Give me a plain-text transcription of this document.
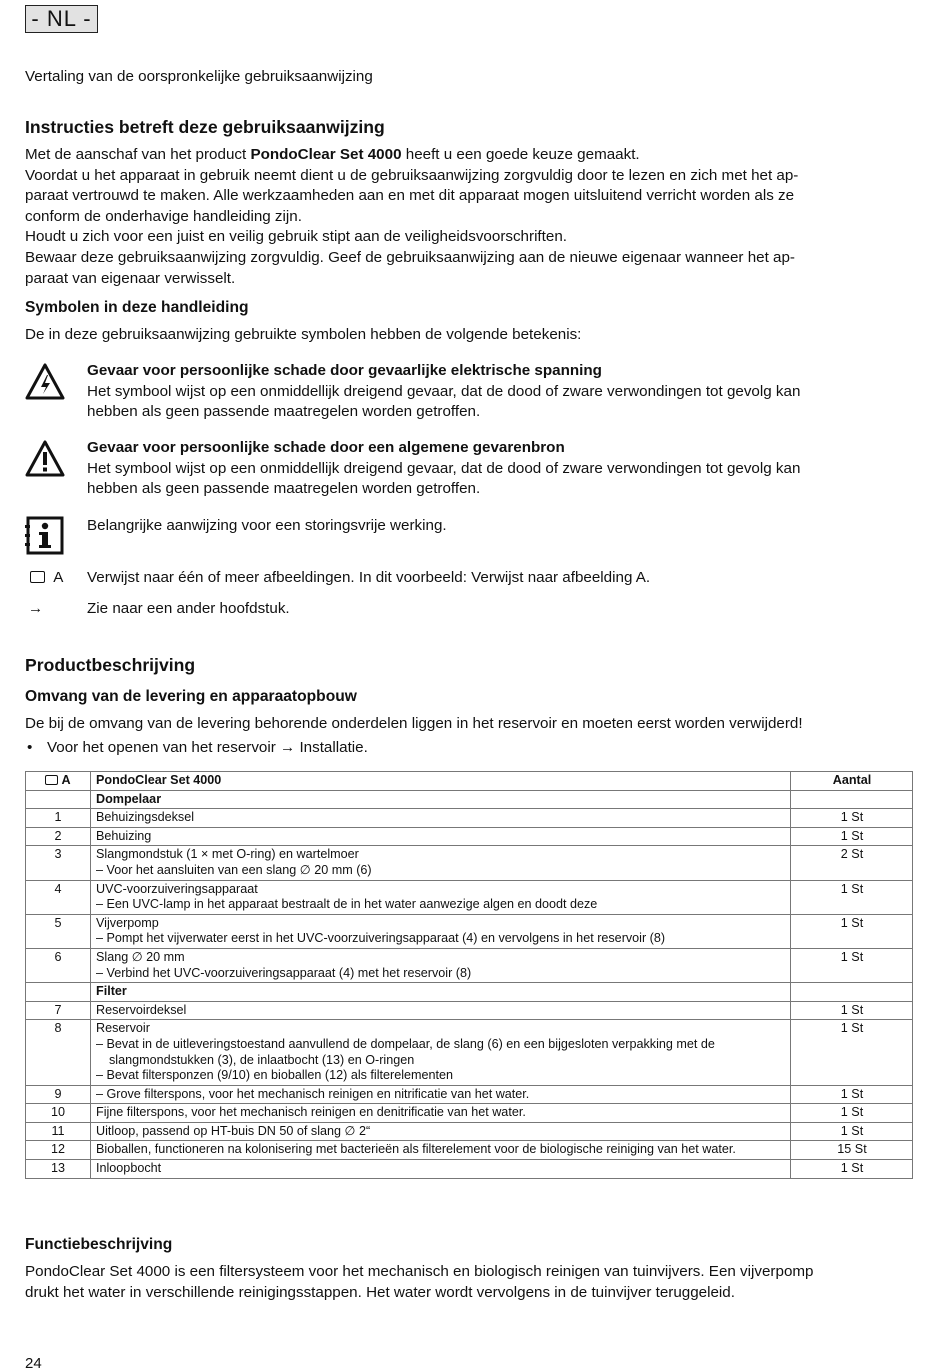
- NL -
Vertaling van de oorspronkelijke gebruiksaanwijzing
Instructies betreft deze gebruiksaanwijzing

Met de aanschaf van het product PondoClear Set 4000 heeft u een goede keuze gemaakt.

Voordat u het apparaat in gebruik neemt dient u de gebruiksaanwijzing zorgvuldig door te lezen en zich met het ap-

paraat vertrouwd te maken. Alle werkzaamheden aan en met dit apparaat mogen uitsluitend verricht worden als ze

conform de onderhavige handleiding zijn.

Houdt u zich voor een juist en veilig gebruik stipt aan de veiligheidsvoorschriften.

Bewaar deze gebruiksaanwijzing zorgvuldig. Geef de gebruiksaanwijzing aan de nieuwe eigenaar wanneer het ap-

paraat van eigenaar verwisselt.

Symbolen in deze handleiding
De in deze gebruiksaanwijzing gebruikte symbolen hebben de volgende betekenis:
Gevaar voor persoonlijke schade door gevaarlijke elektrische spanning
Het symbool wijst op een onmiddellijk dreigend gevaar, dat de dood of zware verwondingen tot gevolg kan
hebben als geen passende maatregelen worden getroffen.
Gevaar voor persoonlijke schade door een algemene gevarenbron
Het symbool wijst op een onmiddellijk dreigend gevaar, dat de dood of zware verwondingen tot gevolg kan
hebben als geen passende maatregelen worden getroffen.
Belangrijke aanwijzing voor een storingsvrije werking.
A Verwijst naar één of meer afbeeldingen. In dit voorbeeld: Verwijst naar afbeelding A.
→	Zie naar een ander hoofdstuk.
Productbeschrijving
Omvang van de levering en apparaatopbouw
De bij de omvang van de levering behorende onderdelen liggen in het reservoir en moeten eerst worden verwijderd!
• Voor het openen van het reservoir → Installatie.
A	PondoClear Set 4000	Aantal
	Dompelaar	
1	Behuizingsdeksel	1 St
2	Behuizing	1 St
3	Slangmondstuk (1 × met O-ring) en wartelmoer
– Voor het aansluiten van een slang ∅ 20 mm (6)	2 St
4	UVC-voorzuiveringsapparaat
– Een UVC-lamp in het apparaat bestraalt de in het water aanwezige algen en doodt deze	1 St
5	Vijverpomp
– Pompt het vijverwater eerst in het UVC-voorzuiveringsapparaat (4) en vervolgens in het reservoir (8)	1 St
6	Slang ∅ 20 mm
– Verbind het UVC-voorzuiveringsapparaat (4) met het reservoir (8)	1 St
	Filter	
7	Reservoirdeksel	1 St
8	Reservoir
– Bevat in de uitleveringstoestand aanvullend de dompelaar, de slang (6) en een bijgesloten verpakking met de slangmondstukken (3), de inlaatbocht (13) en O-ringen
– Bevat filtersponzen (9/10) en bioballen (12) als filterelementen	1 St
9	– Grove filterspons, voor het mechanisch reinigen en nitrificatie van het water.	1 St
10	Fijne filterspons, voor het mechanisch reinigen en denitrificatie van het water.	1 St
11	Uitloop, passend op HT-buis DN 50 of slang ∅ 2“	1 St
12	Bioballen, functioneren na kolonisering met bacterieën als filterelement voor de biologische reiniging van het water.	15 St
13	Inloopbocht	1 St
Functiebeschrijving

PondoClear Set 4000 is een filtersysteem voor het mechanisch en biologisch reinigen van tuinvijvers. Een vijverpomp

drukt het water in verschillende reinigingsstappen. Het water wordt vervolgens in de tuinvijver teruggeleid.

24
